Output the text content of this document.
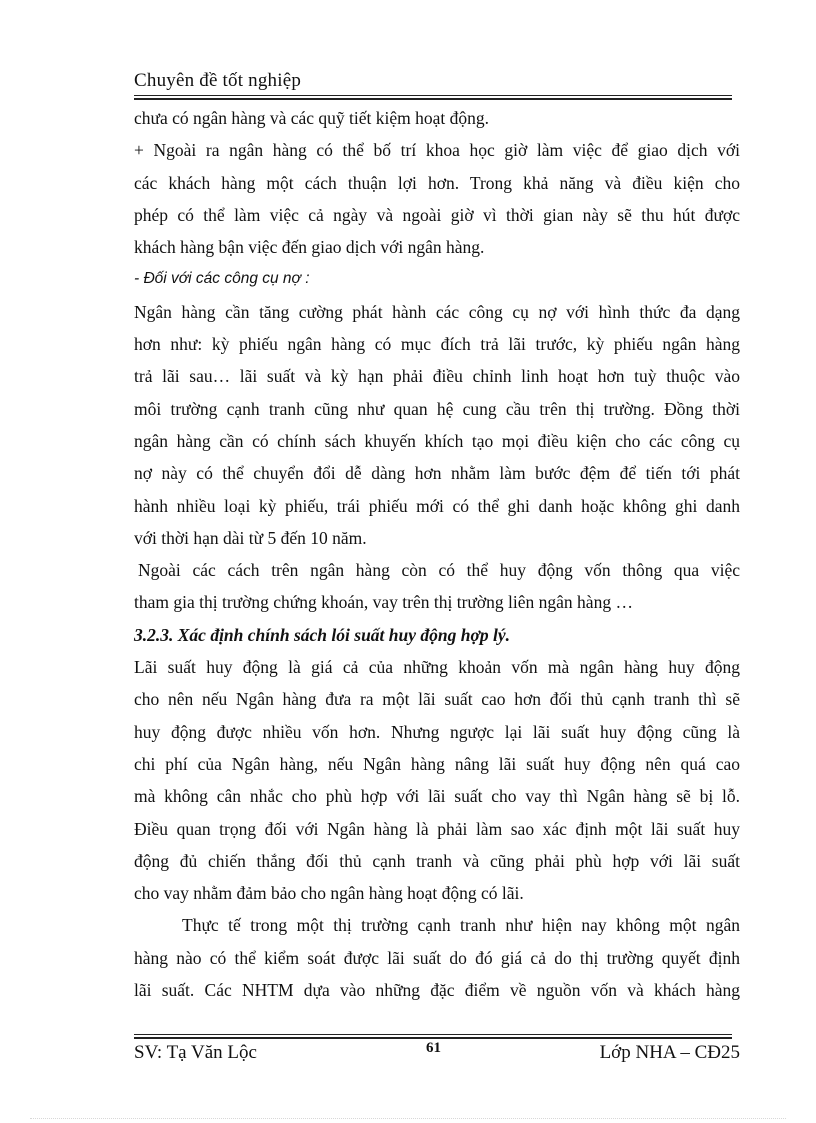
Chuyên đề tốt nghiệp
chưa có ngân hàng và các quỹ tiết kiệm hoạt động.
+ Ngoài ra ngân hàng có thể bố trí khoa học giờ làm việc để giao dịch với
các khách hàng một cách thuận lợi hơn. Trong khả năng và điều kiện cho
phép có thể làm việc cả ngày và ngoài giờ vì thời gian này sẽ thu hút được
khách hàng bận việc đến giao dịch với ngân hàng.
- Đối với các công cụ nợ :
Ngân hàng cần tăng cường phát hành các công cụ nợ với hình thức đa dạng
hơn như: kỳ phiếu ngân hàng có mục đích trả lãi trước, kỳ phiếu ngân hàng
trả lãi sau… lãi suất và kỳ hạn phải điều chỉnh linh hoạt hơn tuỳ thuộc vào
môi trường cạnh tranh cũng như quan hệ cung cầu trên thị trường. Đồng thời
ngân hàng cần có chính sách khuyến khích tạo mọi điều kiện cho các công cụ
nợ này có thể chuyển đổi dễ dàng hơn nhằm làm bước đệm để tiến tới phát
hành nhiều loại kỳ phiếu, trái phiếu mới có thể ghi danh hoặc không ghi danh
với thời hạn dài từ 5 đến 10 năm.
Ngoài các cách trên ngân hàng còn có thể huy động vốn thông qua việc
tham gia thị trường chứng khoán, vay trên thị trường liên ngân hàng …
3.2.3. Xác định chính sách lói suất huy động hợp lý.
Lãi suất huy động là giá cả của những khoản vốn mà ngân hàng huy động
cho nên nếu Ngân hàng đưa ra một lãi suất cao hơn đối thủ cạnh tranh thì sẽ
huy động được nhiều vốn hơn. Nhưng ngược lại lãi suất huy động cũng là
chi phí của Ngân hàng, nếu Ngân hàng nâng lãi suất huy động nên quá cao
mà không cân nhắc cho phù hợp với lãi suất cho vay thì Ngân hàng sẽ bị lỗ.
Điều quan trọng đối với Ngân hàng là phải làm sao xác định một lãi suất huy
động đủ chiến thắng đối thủ cạnh tranh và cũng phải phù hợp với lãi suất
cho vay nhằm đảm bảo cho ngân hàng hoạt động có lãi.
Thực tế trong một thị trường cạnh tranh như hiện nay không một ngân
hàng nào có thể kiểm soát được lãi suất do đó giá cả do thị trường quyết định
lãi suất. Các NHTM dựa vào những đặc điểm về nguồn vốn và khách hàng
SV: Tạ Văn Lộc	61	Lớp NHA – CĐ25
